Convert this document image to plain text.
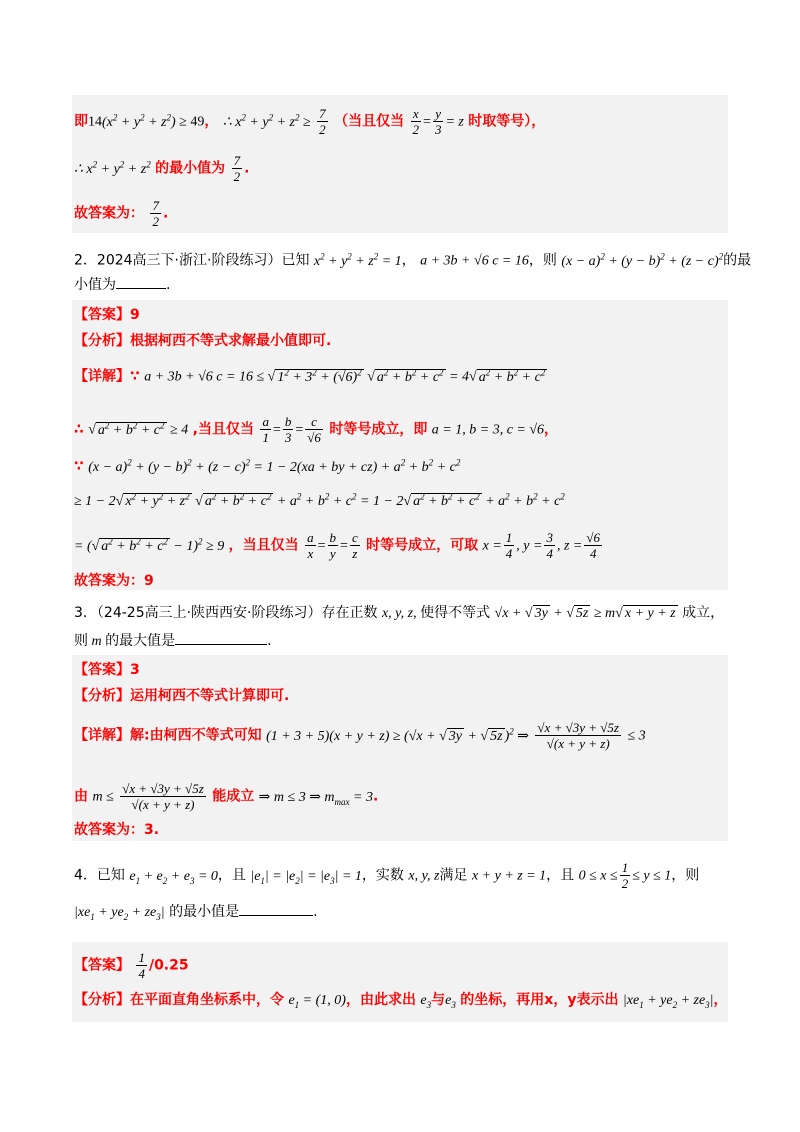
即$14(x^2 + y^2 + z^2) \ge 49$， ∴ $x^2 + y^2 + z^2 \ge \frac{7}{2}$ （当且仅当 $\frac{x}{2} = \frac{y}{3} = z$ 时取等号），
∴ $x^2 + y^2 + z^2$ 的最小值为 $\frac{7}{2}$ .
故答案为： $\frac{7}{2}$ .
2．2024高三下·浙江·阶段练习）已知 $x^2 + y^2 + z^2 = 1$， a + 3b + √6 c = 16，则 $(x - a)^2 + (y - b)^2 + (z - c)^2$的最
小值为	.
【答案】9
【分析】根据柯西不等式求解最小值即可.
【详解】∵ a + 3b + √6 c = 16 ≤ √ $1^2 + 3^2 + (√6)^2$ √ $a^2 + b^2 + c^2 = 4√$ $a^2 + b^2 + c^2$
∴ √ $a^2 + b^2 + c^2 \ge 4$ ,当且仅当 $\frac{a}{1} = \frac{b}{3} = \frac{c}{√6}$ 时等号成立，即 a = 1, b = 3, c = √6，
∵ $(x - a)^2 + (y - b)^2 + (z - c)^2 = 1 - 2(xa$ + by + $cz) + a^2 + b^2 + c^2$
≥ 1 − 2√ $x^2 + y^2 + z^2$ √ $a^2 + b^2 + c^2 + a^2 + b^2 + c^2 = 1 - 2√$ $a^2 + b^2 + c^2 + a^2 + b^2 + c^2$
= (√ $a^2 + b^2 + c^2 - 1)^2 \ge 9$ ，当且仅当 $\frac{a}{x} = \frac{b}{y} = \frac{c}{z}$ 时等号成立，可取 $x = \frac{1}{4}$ , $y = \frac{3}{4}$ , $z = \frac{√6}{4}$
故答案为：9
3．（24-25高三上·陕西西安·阶段练习）存在正数 x, y, z, 使得不等式 √x + √ 3y + √ 5z ≥ m√ x + y + z 成立，
则 m 的最大值是	.
【答案】3
【分析】运用柯西不等式计算即可.
【详解】解:由柯西不等式可知 (1 + 3 + 5)(x + y + z) ≥ (√x + √ 3y + √ 5z )$^2$ ⇒ $\frac{√x + √3y + √5z}{√(x + y + z)} \le 3$
由 $m \le \frac{√x + √3y + √5z}{√(x + y + z)}$ 能成立 ⇒ m ≤ 3 ⇒ $m_{max} = 3$.
故答案为：3.
4．已知 $e_1 + e_2 + e_3 = 0$，且 $|e_1| = |e_2| = |e_3| = 1$，实数 x, y, z满足 x + y + z = 1，且 $0 \le x \le \frac{1}{2} \le y \le 1$，则
$|xe_1 + ye_2 + ze_3|$ 的最小值是	.
【答案】 $\frac{1}{4} /0.25$
【分析】在平面直角坐标系中，令 $e_1 = (1$, 0)，由此求出 $e_3$与$e_3$ 的坐标，再用x，y表示出 $|xe_1 + ye_2 + ze_3|$，
